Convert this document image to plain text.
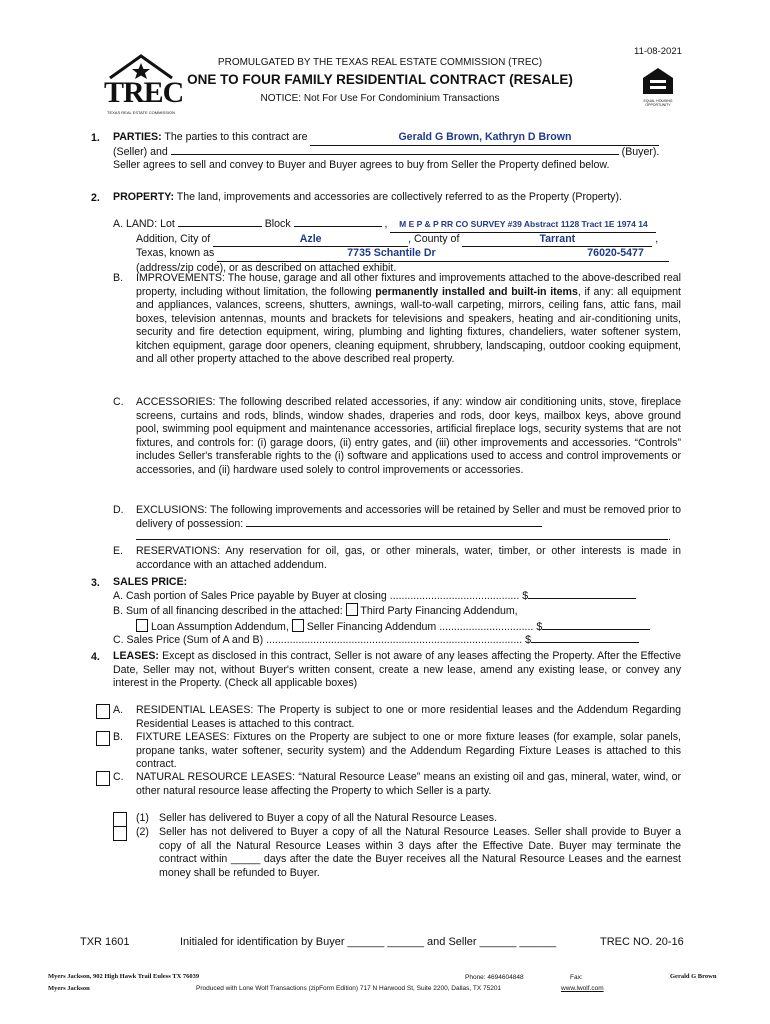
11-08-2021
TREC
TEXAS REAL ESTATE COMMISSION
PROMULGATED BY THE TEXAS REAL ESTATE COMMISSION (TREC)
ONE TO FOUR FAMILY RESIDENTIAL CONTRACT (RESALE)
NOTICE: Not For Use For Condominium Transactions	EQUAL HOUSING OPPORTUNITY
1. PARTIES: The parties to this contract are	Gerald G Brown, Kathryn D Brown

(Seller) and	(Buyer).

Seller agrees to sell and convey to Buyer and Buyer agrees to buy from Seller the Property defined below.

2. PROPERTY: The land, improvements and accessories are collectively referred to as the Property (Property).

A. LAND: Lot	Block	, M E P & P RR CO SURVEY #39 Abstract 1128 Tract 1E 1974 14

Addition, City of	Azle	, County of	Tarrant	,

Texas, known as	7735 Schantile Dr	76020-5477

(address/zip code), or as described on attached exhibit.

B. IMPROVEMENTS: The house, garage and all other fixtures and improvements attached to the above-described real property, including without limitation, the following permanently installed and built-in items, if any: all equipment and appliances, valances, screens, shutters, awnings, wall-to-wall carpeting, mirrors, ceiling fans, attic fans, mail boxes, television antennas, mounts and brackets for televisions and speakers, heating and air-conditioning units, security and fire detection equipment, wiring, plumbing and lighting fixtures, chandeliers, water softener system, kitchen equipment, garage door openers, cleaning equipment, shrubbery, landscaping, outdoor cooking equipment, and all other property attached to the above described real property.
C. ACCESSORIES: The following described related accessories, if any: window air conditioning units, stove, fireplace screens, curtains and rods, blinds, window shades, draperies and rods, door keys, mailbox keys, above ground pool, swimming pool equipment and maintenance accessories, artificial fireplace logs, security systems that are not fixtures, and controls for: (i) garage doors, (ii) entry gates, and (iii) other improvements and accessories. “Controls” includes Seller's transferable rights to the (i) software and applications used to access and control improvements or accessories, and (ii) hardware used solely to control improvements or accessories.
D. EXCLUSIONS: The following improvements and accessories will be retained by Seller and must be removed prior to delivery of possession:

.

E. RESERVATIONS: Any reservation for oil, gas, or other minerals, water, timber, or other interests is made in accordance with an attached addendum.
3. SALES PRICE:

A. Cash portion of Sales Price payable by Buyer at closing ............................................ $

B. Sum of all financing described in the attached: Third Party Financing Addendum,

Loan Assumption Addendum, Seller Financing Addendum ................................ $

C. Sales Price (Sum of A and B) ....................................................................................... $

4. LEASES: Except as disclosed in this contract, Seller is not aware of any leases affecting the Property. After the Effective Date, Seller may not, without Buyer's written consent, create a new lease, amend any existing lease, or convey any interest in the Property. (Check all applicable boxes)

A. RESIDENTIAL LEASES: The Property is subject to one or more residential leases and the Addendum Regarding Residential Leases is attached to this contract.
B. FIXTURE LEASES: Fixtures on the Property are subject to one or more fixture leases (for example, solar panels, propane tanks, water softener, security system) and the Addendum Regarding Fixture Leases is attached to this contract.
C. NATURAL RESOURCE LEASES: “Natural Resource Lease” means an existing oil and gas, mineral, water, wind, or other natural resource lease affecting the Property to which Seller is a party.
(1) Seller has delivered to Buyer a copy of all the Natural Resource Leases.
(2) Seller has not delivered to Buyer a copy of all the Natural Resource Leases. Seller shall provide to Buyer a copy of all the Natural Resource Leases within 3 days after the Effective Date. Buyer may terminate the contract within _____ days after the date the Buyer receives all the Natural Resource Leases and the earnest money shall be refunded to Buyer.
TXR 1601	Initialed for identification by Buyer ______ ______ and Seller ______ ______	TREC NO. 20-16
Myers Jackson, 902 High Hawk Trail Euless TX 76039
Myers Jackson
Phone: 4694604848	Fax:
Produced with Lone Wolf Transactions (zipForm Edition) 717 N Harwood St, Suite 2200, Dallas, TX 75201	www.lwolf.com
Gerald G Brown
